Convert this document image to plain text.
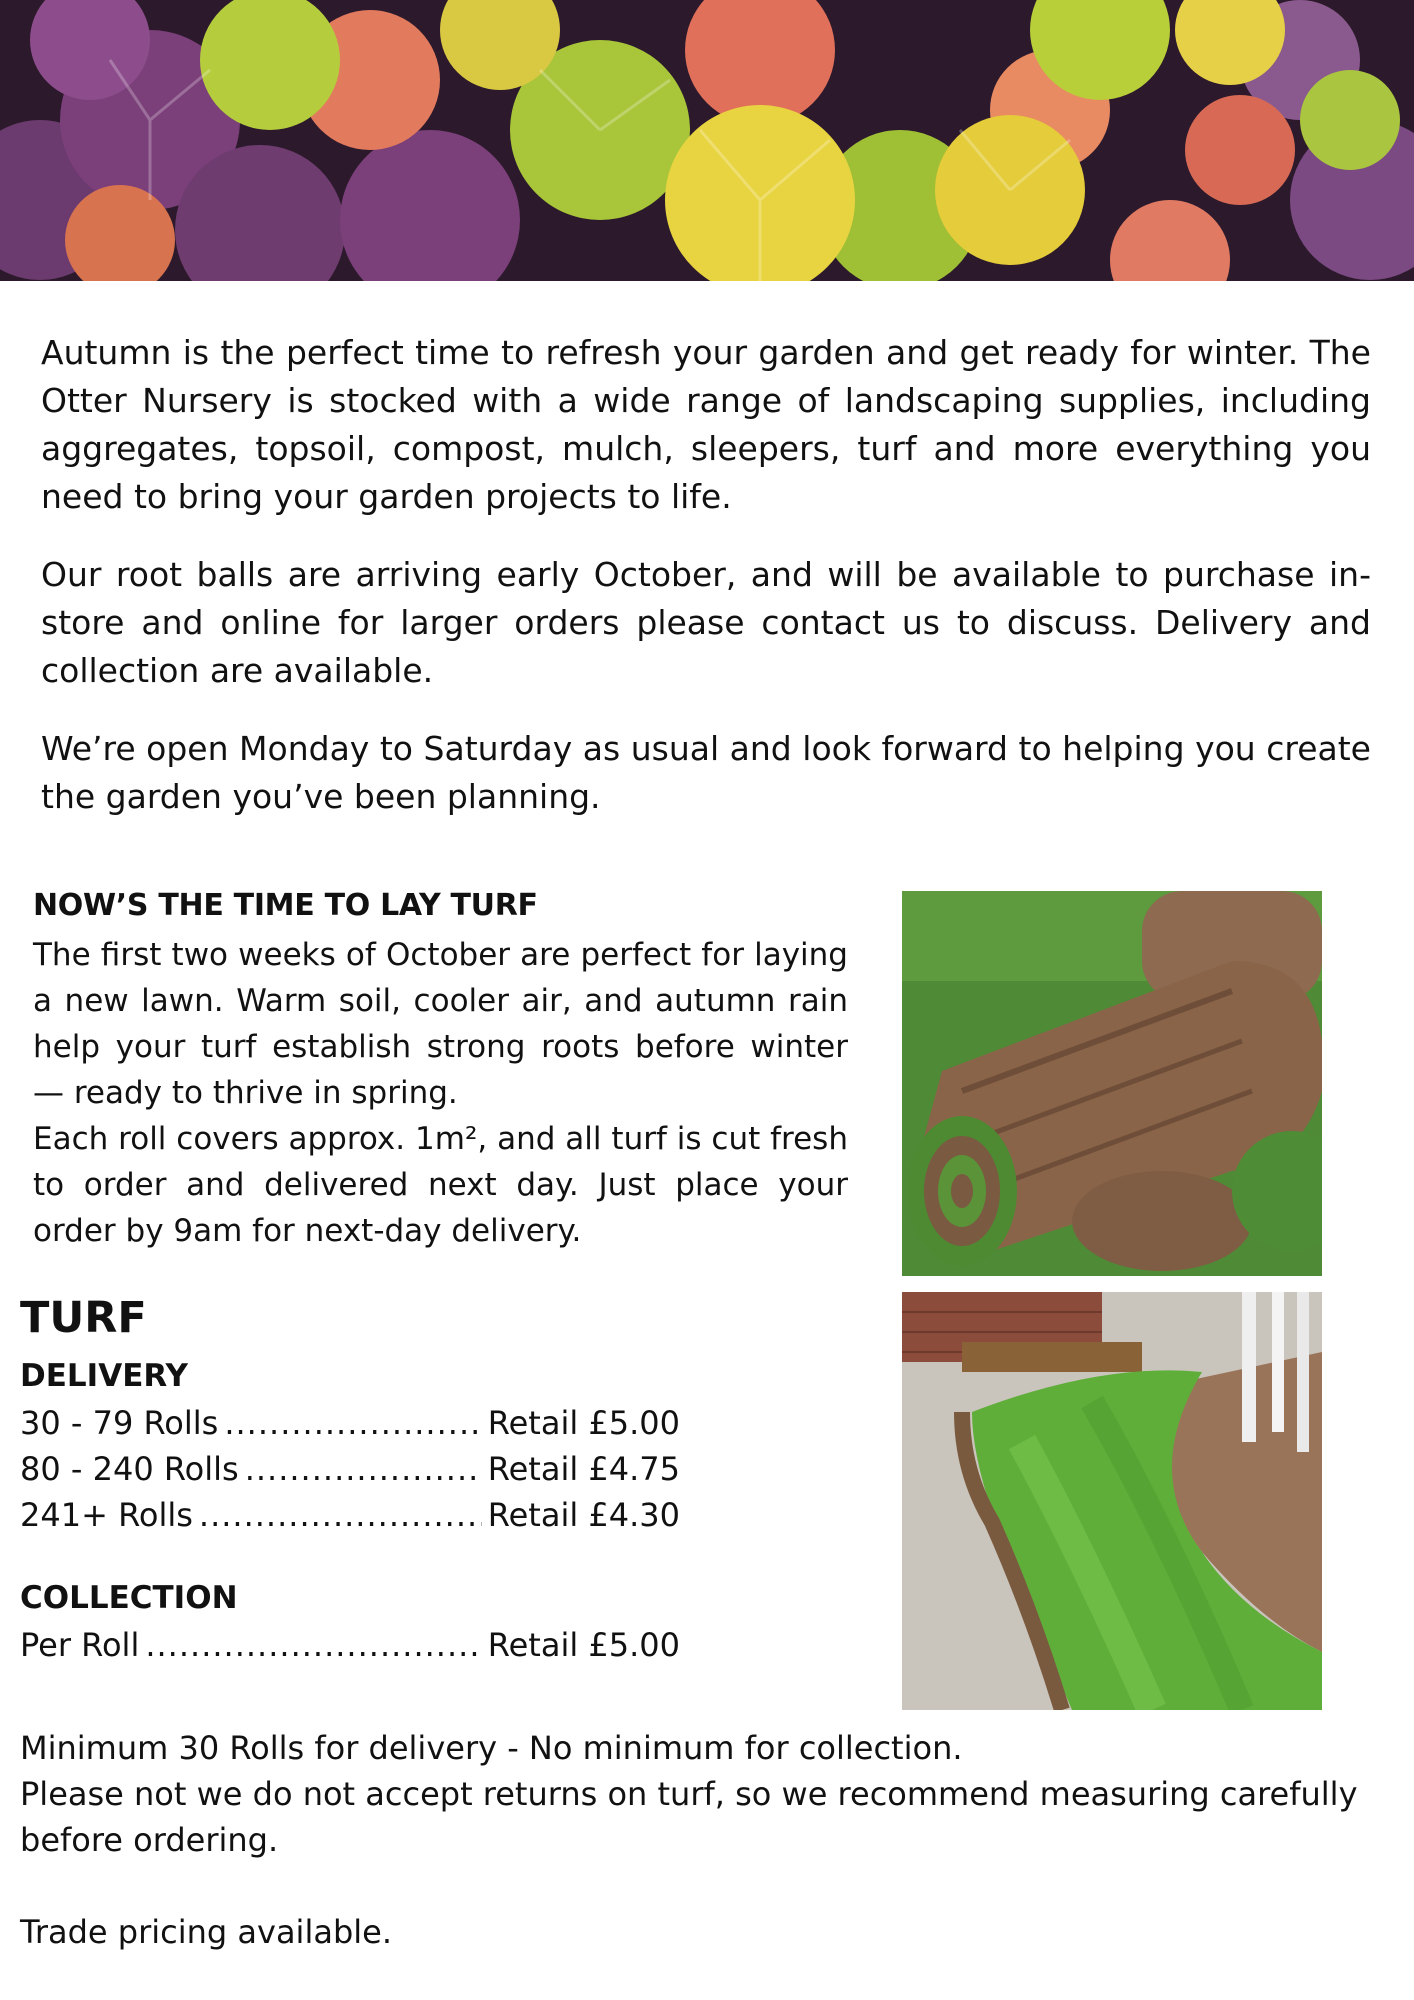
Autumn is the perfect time to refresh your garden and get ready for winter. The Otter Nursery is stocked with a wide range of landscaping supplies, including aggregates, topsoil, compost, mulch, sleepers, turf and more everything you need to bring your garden projects to life.

Our root balls are arriving early October, and will be available to purchase in-store and online for larger orders please contact us to discuss. Delivery and collection are available.

We’re open Monday to Saturday as usual and look forward to helping you create the garden you’ve been planning.

NOW’S THE TIME TO LAY TURF

The first two weeks of October are perfect for laying a new lawn. Warm soil, cooler air, and autumn rain help your turf establish strong roots before winter — ready to thrive in spring.

Each roll covers approx. 1m², and all turf is cut fresh to order and delivered next day. Just place your order by 9am for next-day delivery.

TURF
DELIVERY
30 - 79 Rolls .....	Retail £5.00
80 - 240 Rolls .....	Retail £4.75
241+ Rolls .....	Retail £4.30
COLLECTION
Per Roll .....	Retail £5.00

Minimum 30 Rolls for delivery - No minimum for collection.

Please not we do not accept returns on turf, so we recommend measuring carefully before ordering.

Trade pricing available.
